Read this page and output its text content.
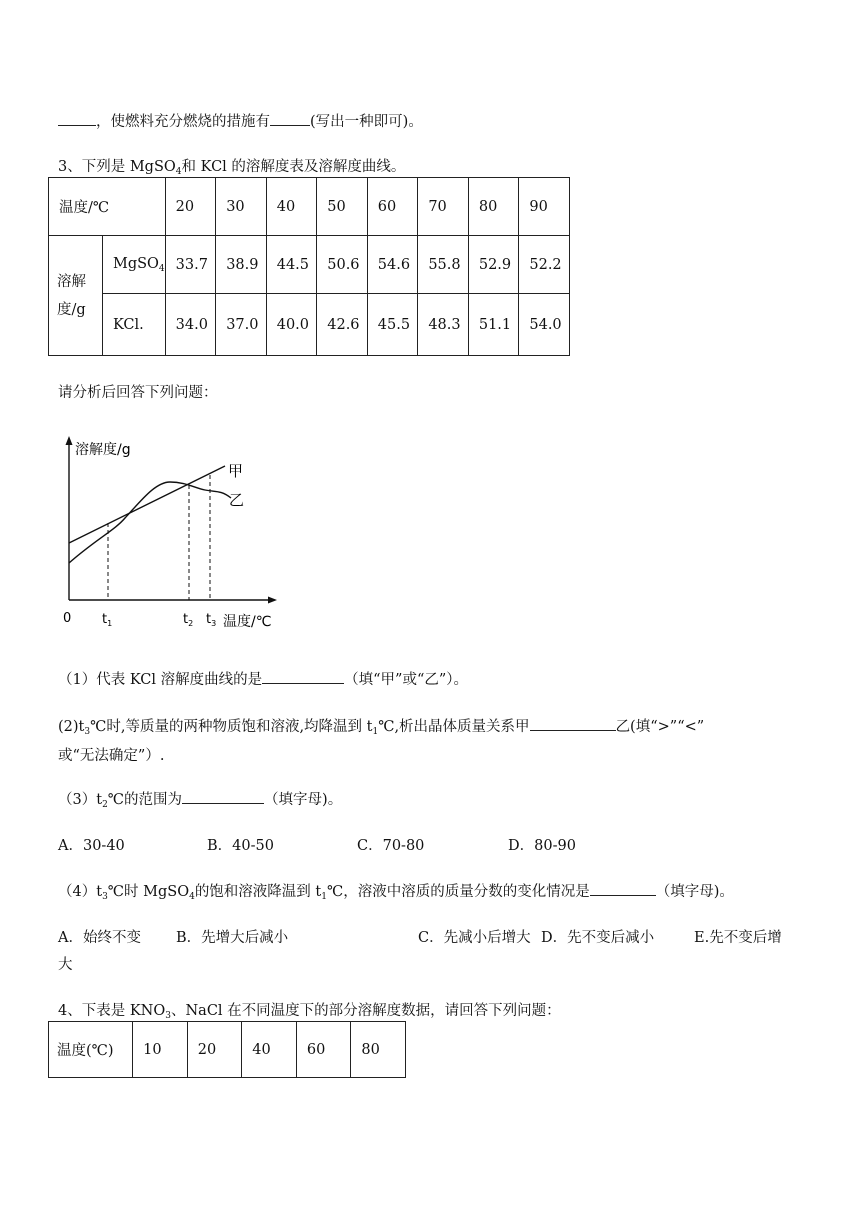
，使燃料充分燃烧的措施有	(写出一种即可)。
3、下列是 MgSO$_4$和 KCl 的溶解度表及溶解度曲线。
温度/℃		20	30	40	50	60	70	80	90
溶解
度/g	MgSO$_4$	33.7	38.9	44.5	50.6	54.6	55.8	52.9	52.2
	KCl.	34.0	37.0	40.0	42.6	45.5	48.3	51.1	54.0
请分析后回答下列问题：
溶解度/g
温度/℃
0 $t_1$	$t_2$ $t_3$
甲
乙
（1）代表 KCl 溶解度曲线的是	（填“甲”或“乙”）。
$(2)t_3℃$时,等质量的两种物质饱和溶液,均降温到 $t_1℃$,析出晶体质量关系甲	乙(填“>”“<”
或“无法确定”）.
$(3)t_2℃$的范围为	（填字母)。
A．30-40	B．40-50	C．70-80	D．80-90
$(4)t_3℃$时 MgSO$_4$的饱和溶液降温到 $t_1℃$，溶液中溶质的质量分数的变化情况是	（填字母)。
A．始终不变 B．先增大后减小	C．先减小后增大 D．先不变后减小	E.先不变后增
大
4、下表是 $KNO_3$、NaCl 在不同温度下的部分溶解度数据，请回答下列问题：
温度(℃)	10	20	40	60	80
